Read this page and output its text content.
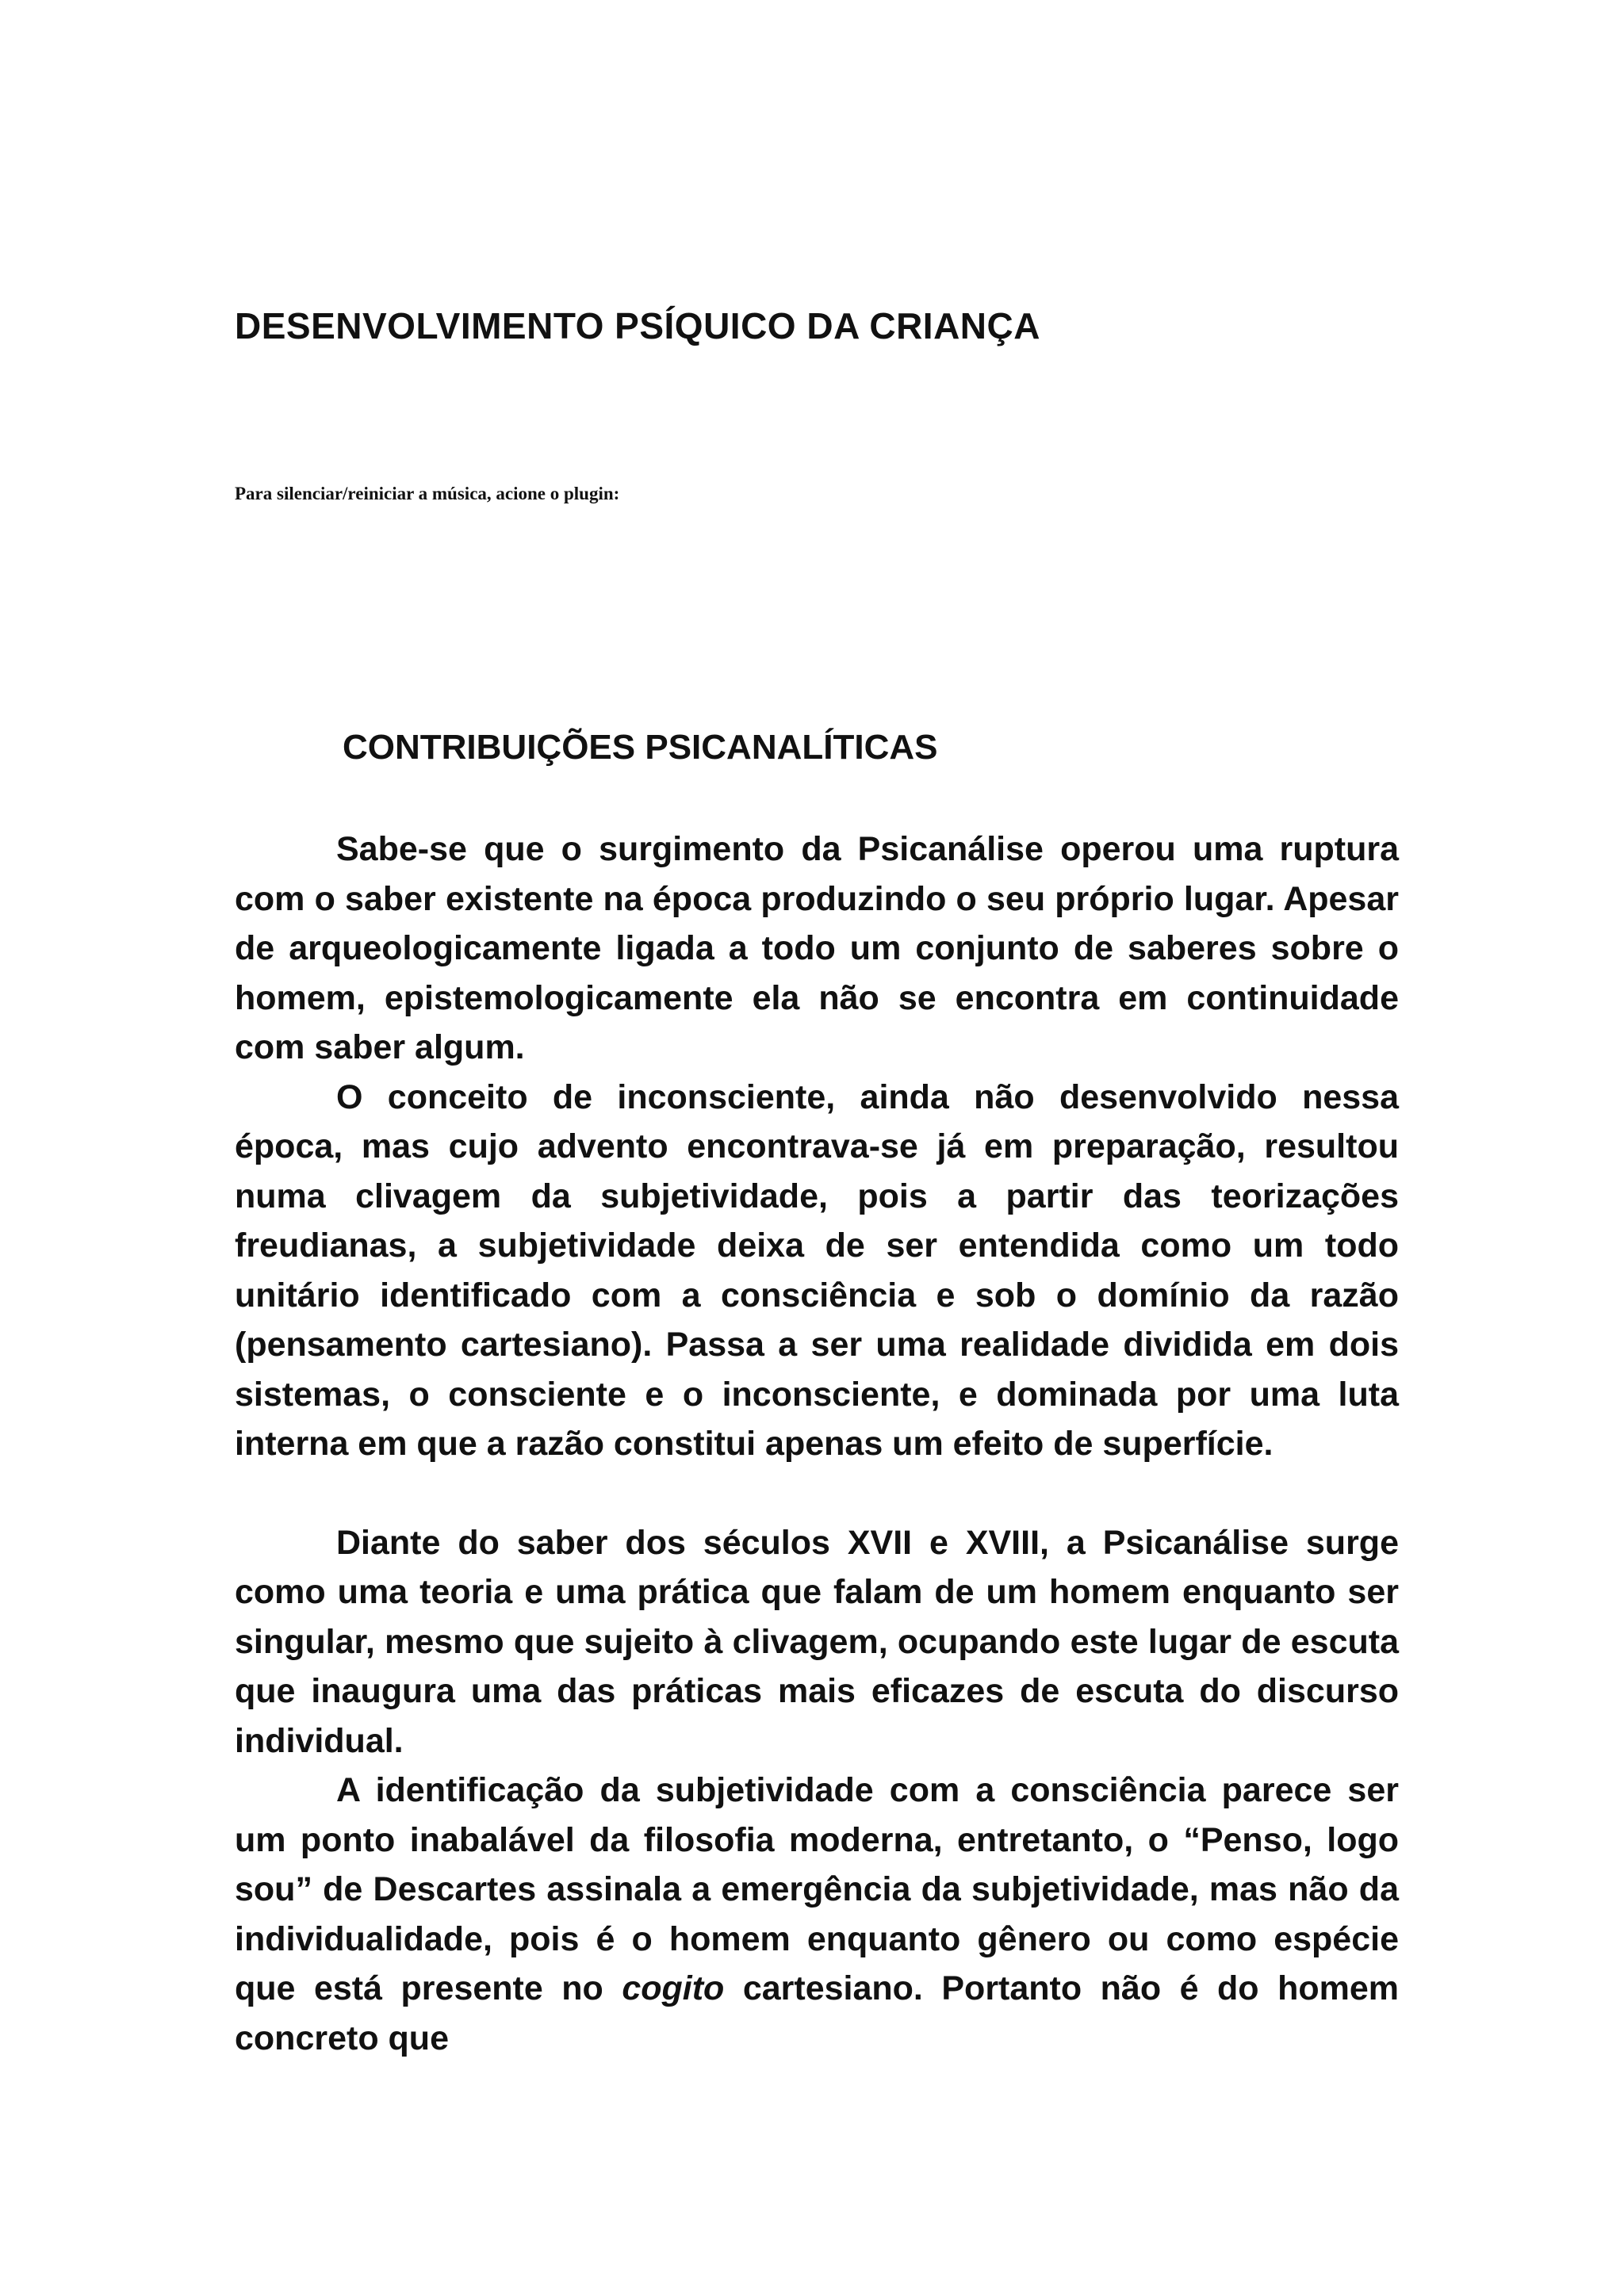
DESENVOLVIMENTO PSÍQUICO DA CRIANÇA

Para silenciar/reiniciar a música, acione o plugin:

CONTRIBUIÇÕES PSICANALÍTICAS

Sabe-se que o surgimento da Psicanálise operou uma ruptura com o saber existente na época produzindo o seu próprio lugar. Apesar de arqueologicamente ligada a todo um conjunto de saberes sobre o homem, epistemologicamente ela não se encontra em continuidade com saber algum.

O conceito de inconsciente, ainda não desenvolvido nessa época, mas cujo advento encontrava-se já em preparação, resultou numa clivagem da subjetividade, pois a partir das teorizações freudianas, a subjetividade deixa de ser entendida como um todo unitário identificado com a consciência e sob o domínio da razão (pensamento cartesiano). Passa a ser uma realidade dividida em dois sistemas, o consciente e o inconsciente, e dominada por uma luta interna em que a razão constitui apenas um efeito de superfície.

Diante do saber dos séculos XVII e XVIII, a Psicanálise surge como uma teoria e uma prática que falam de um homem enquanto ser singular, mesmo que sujeito à clivagem, ocupando este lugar de escuta que inaugura uma das práticas mais eficazes de escuta do discurso individual.

A identificação da subjetividade com a consciência parece ser um ponto inabalável da filosofia moderna, entretanto, o “Penso, logo sou” de Descartes assinala a emergência da subjetividade, mas não da individualidade, pois é o homem enquanto gênero ou como espécie que está presente no cogito cartesiano. Portanto não é do homem concreto que
